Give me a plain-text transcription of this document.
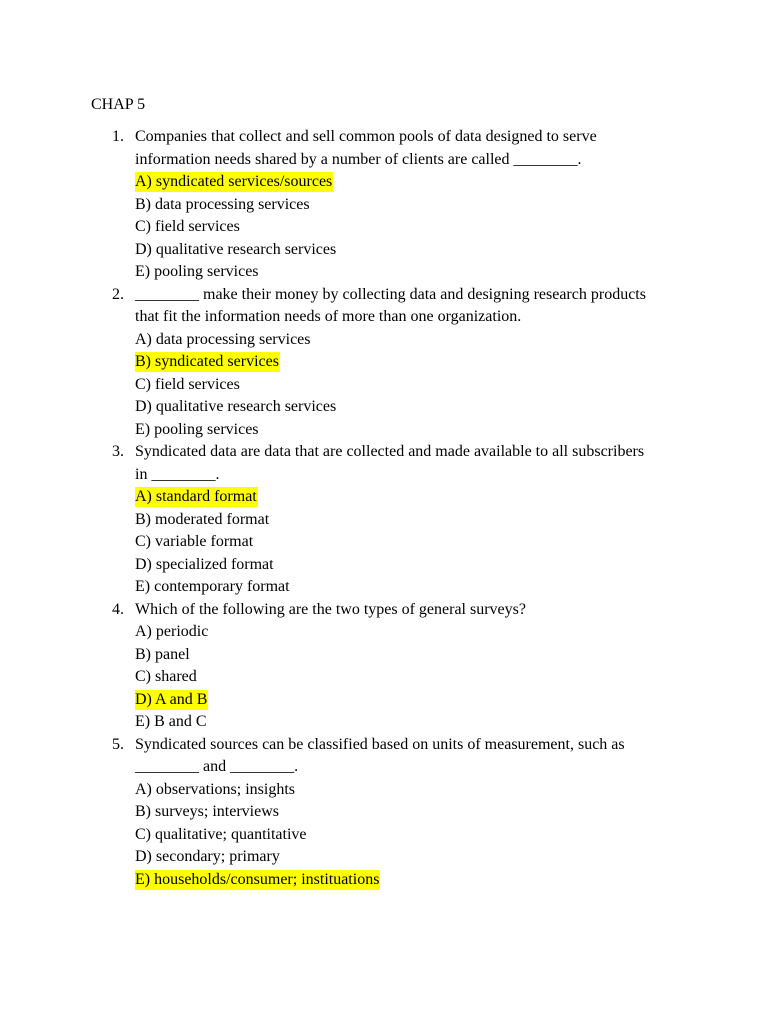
CHAP 5
1. Companies that collect and sell common pools of data designed to serve information needs shared by a number of clients are called ________.
A) syndicated services/sources
B) data processing services
C) field services
D) qualitative research services
E) pooling services
2. ________ make their money by collecting data and designing research products that fit the information needs of more than one organization.
A) data processing services
B) syndicated services
C) field services
D) qualitative research services
E) pooling services
3. Syndicated data are data that are collected and made available to all subscribers in ________.
A) standard format
B) moderated format
C) variable format
D) specialized format
E) contemporary format
4. Which of the following are the two types of general surveys?
A) periodic
B) panel
C) shared
D) A and B
E) B and C
5. Syndicated sources can be classified based on units of measurement, such as ________ and ________.
A) observations; insights
B) surveys; interviews
C) qualitative; quantitative
D) secondary; primary
E) households/consumer; instituations
